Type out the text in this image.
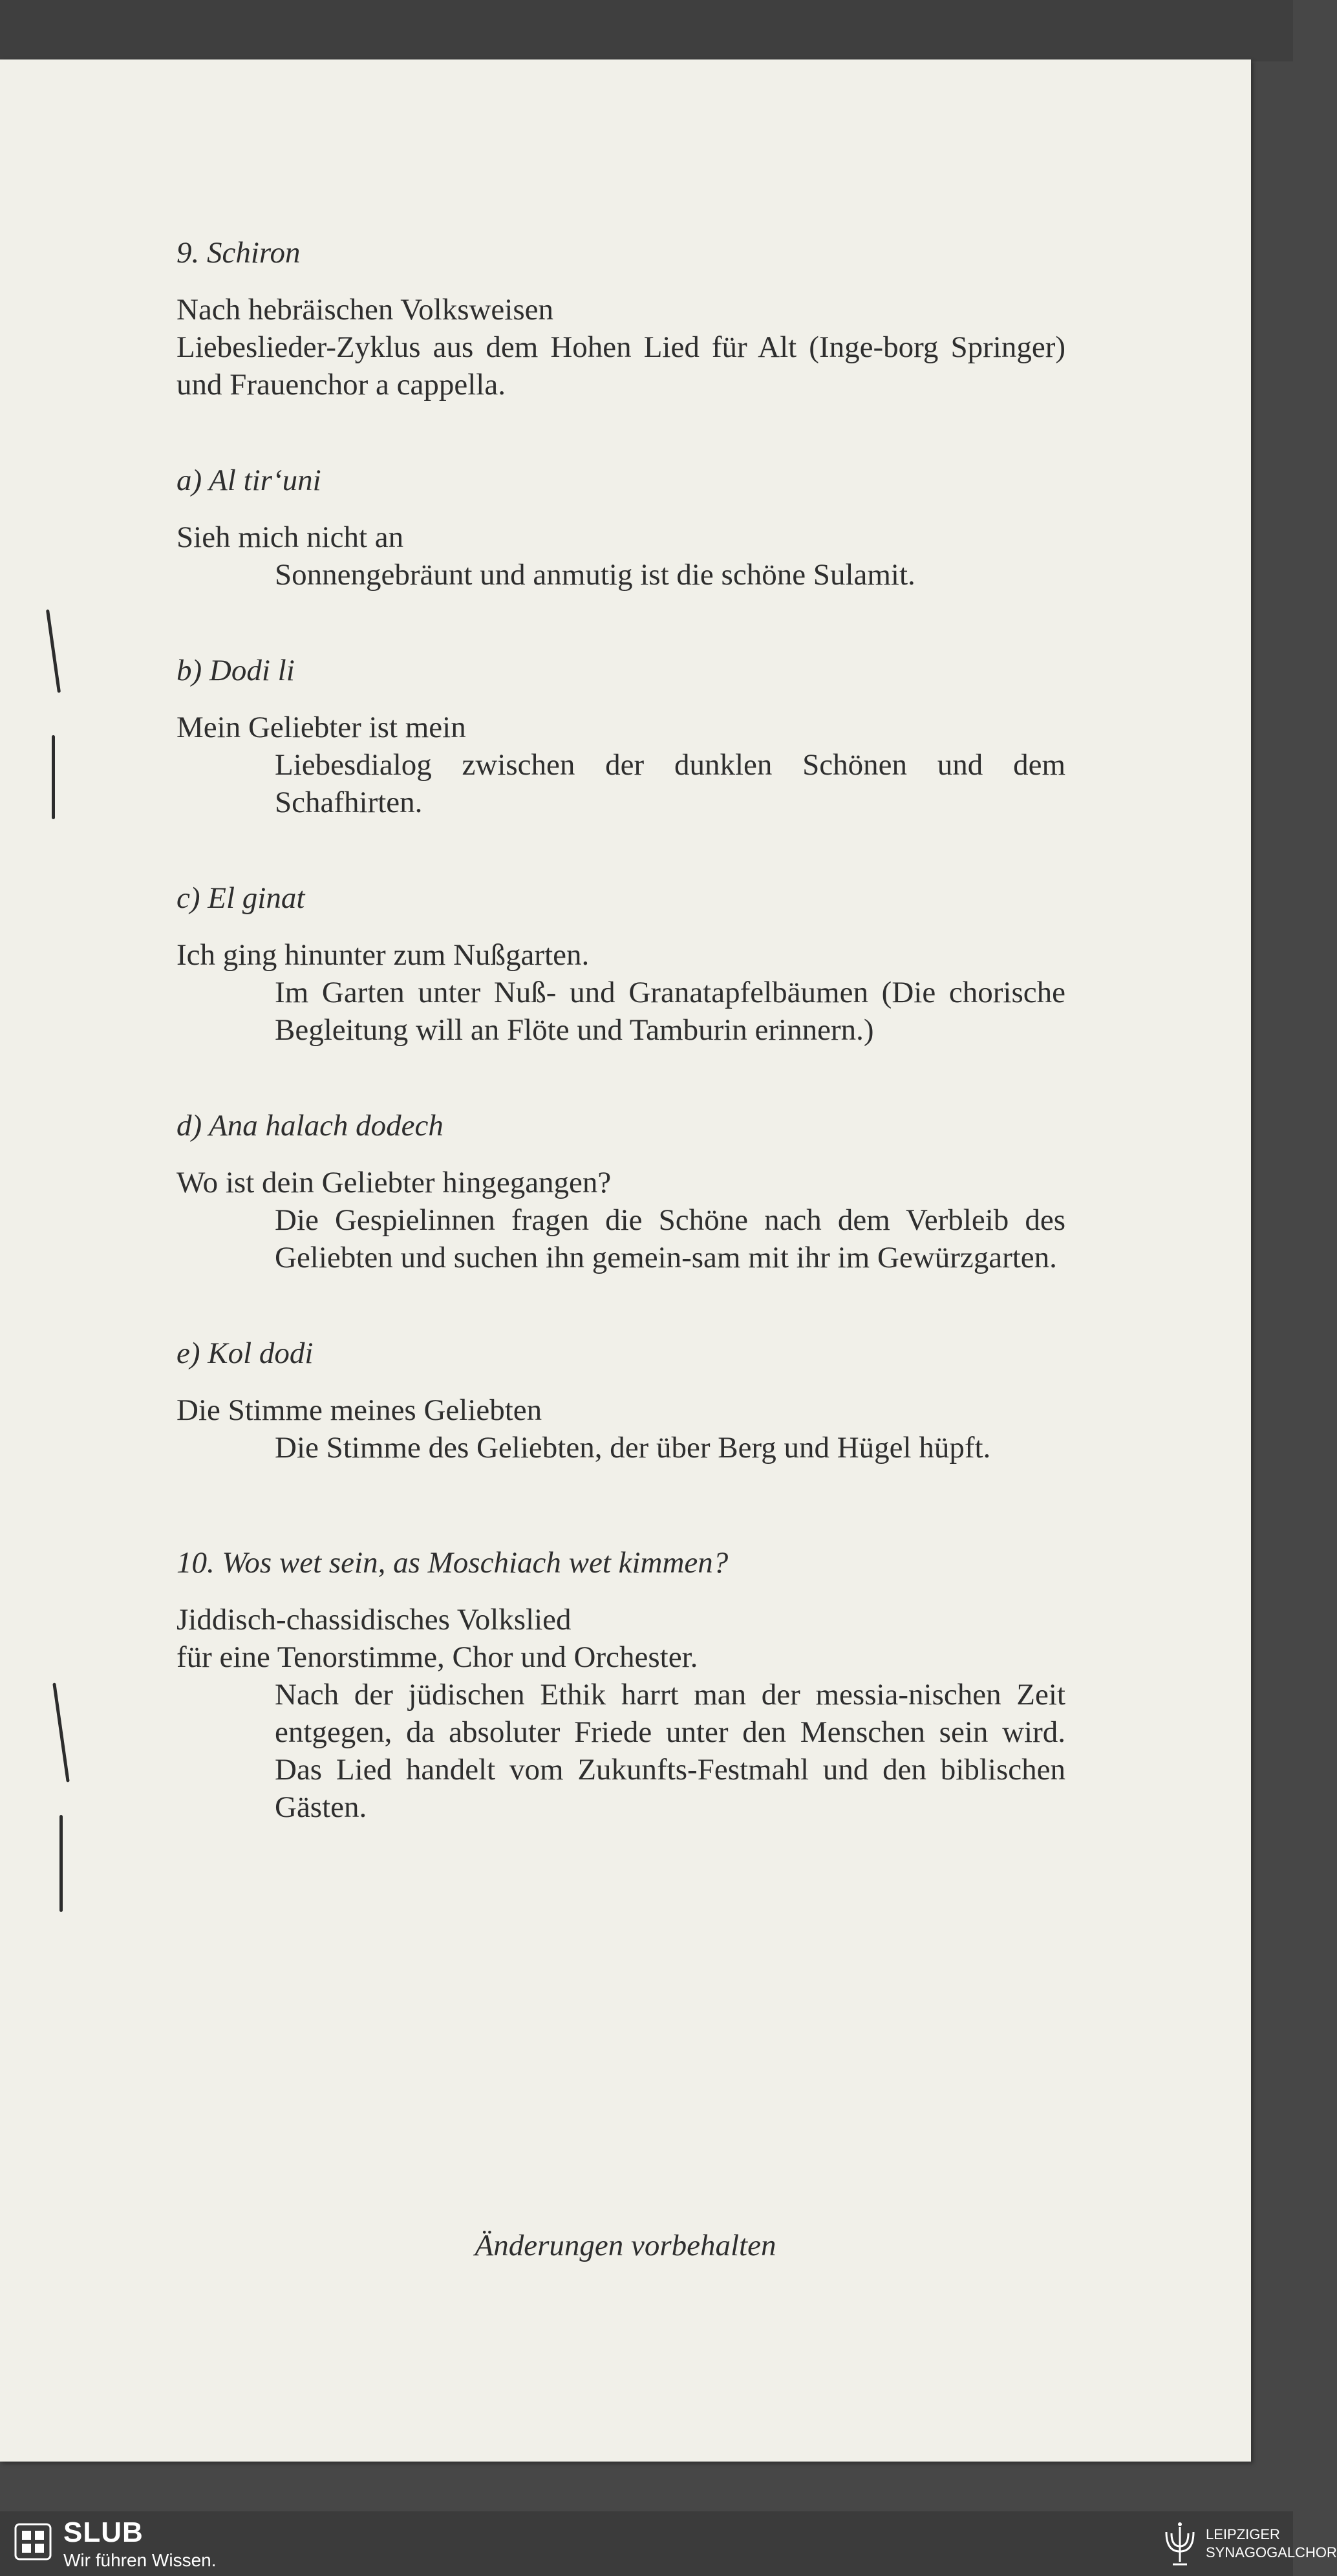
9. Schiron

Nach hebräischen Volksweisen

Liebeslieder-Zyklus aus dem Hohen Lied für Alt (Inge-borg Springer) und Frauenchor a cappella.

a) Al tir‘uni

Sieh mich nicht an

Sonnengebräunt und anmutig ist die schöne Sulamit.

b) Dodi li

Mein Geliebter ist mein

Liebesdialog zwischen der dunklen Schönen und dem Schafhirten.

c) El ginat

Ich ging hinunter zum Nußgarten.

Im Garten unter Nuß- und Granatapfelbäumen (Die chorische Begleitung will an Flöte und Tamburin erinnern.)

d) Ana halach dodech

Wo ist dein Geliebter hingegangen?

Die Gespielinnen fragen die Schöne nach dem Verbleib des Geliebten und suchen ihn gemein-sam mit ihr im Gewürzgarten.

e) Kol dodi

Die Stimme meines Geliebten

Die Stimme des Geliebten, der über Berg und Hügel hüpft.

10. Wos wet sein, as Moschiach wet kimmen?

Jiddisch-chassidisches Volkslied

für eine Tenorstimme, Chor und Orchester.

Nach der jüdischen Ethik harrt man der messia-nischen Zeit entgegen, da absoluter Friede unter den Menschen sein wird. Das Lied handelt vom Zukunfts-Festmahl und den biblischen Gästen.

Änderungen vorbehalten
SLUB
Wir führen Wissen.
LEIPZIGER
SYNAGOGALCHOR
